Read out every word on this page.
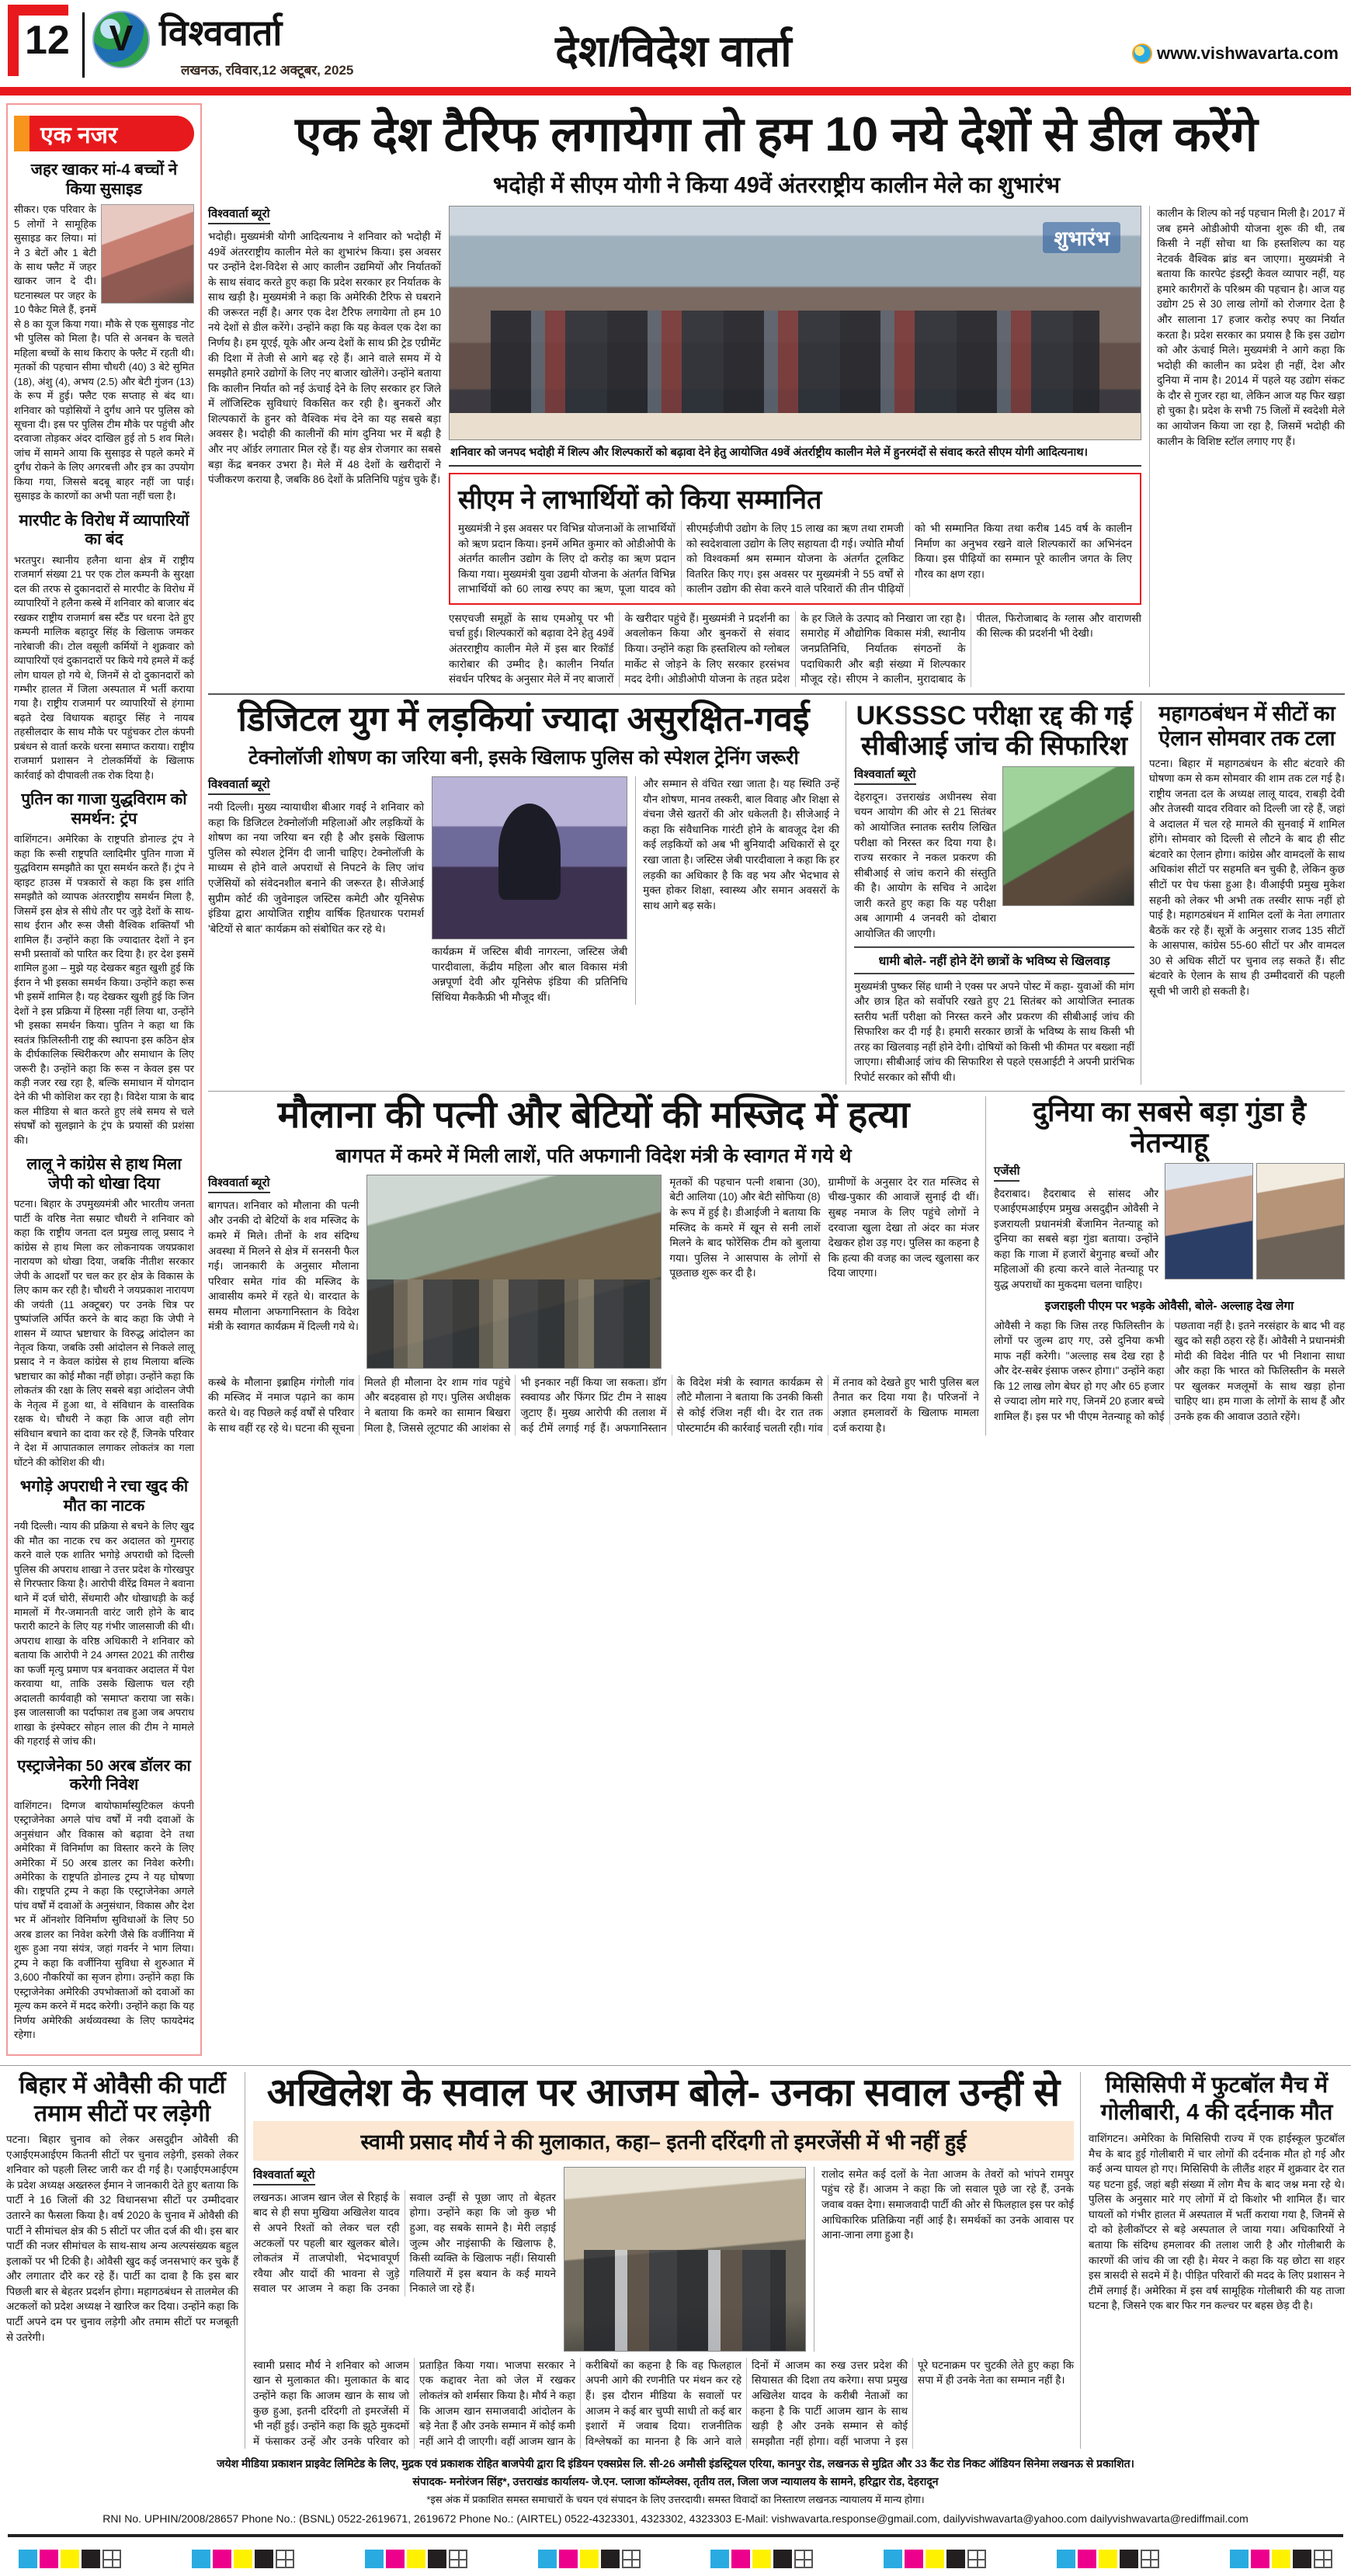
12 V विश्ववार्ता
लखनऊ, रविवार,12 अक्टूबर, 2025	देश/विदेश वार्ता	www.vishwavarta.com
एक नजर
जहर खाकर मां-4 बच्चों ने किया सुसाइड
सीकर। एक परिवार के 5 लोगों ने सामूहिक सुसाइड कर लिया। मां ने 3 बेटों और 1 बेटी के साथ फ्लैट में जहर खाकर जान दे दी। घटनास्थल पर जहर के 10 पैकेट मिले हैं, इनमें से 8 का यूज किया गया। मौके से एक सुसाइड नोट भी पुलिस को मिला है। पति से अनबन के चलते महिला बच्चों के साथ किराए के फ्लैट में रहती थी। मृतकों की पहचान सीमा चौधरी (40) 3 बेटे सुमित (18), अंशु (4), अभय (2.5) और बेटी गुंजन (13) के रूप में हुई। फ्लैट एक सप्ताह से बंद था। शनिवार को पड़ोसियों ने दुर्गंध आने पर पुलिस को सूचना दी। इस पर पुलिस टीम मौके पर पहुंची और दरवाजा तोड़कर अंदर दाखिल हुई तो 5 शव मिले। जांच में सामने आया कि सुसाइड से पहले कमरे में दुर्गंध रोकने के लिए अगरबत्ती और इत्र का उपयोग किया गया, जिससे बदबू बाहर नहीं जा पाई। सुसाइड के कारणों का अभी पता नहीं चला है।
मारपीट के विरोध में व्यापारियों का बंद
भरतपुर। स्थानीय हलैना थाना क्षेत्र में राष्ट्रीय राजमार्ग संख्या 21 पर एक टोल कम्पनी के सुरक्षा दल की तरफ से दुकानदारों से मारपीट के विरोध में व्यापारियों ने हलैना कस्बे में शनिवार को बाजार बंद रखकर राष्ट्रीय राजमार्ग बस स्टैंड पर धरना देते हुए कम्पनी मालिक बहादुर सिंह के खिलाफ जमकर नारेबाजी की। टोल वसूली कर्मियों ने शुक्रवार को व्यापारियों एवं दुकानदारों पर किये गये हमले में कई लोग घायल हो गये थे, जिनमें से दो दुकानदारों को गम्भीर हालत में जिला अस्पताल में भर्ती कराया गया है। राष्ट्रीय राजमार्ग पर व्यापारियों से हंगामा बढ़ते देख विधायक बहादुर सिंह ने नायब तहसीलदार के साथ मौके पर पहुंचकर टोल कंपनी प्रबंधन से वार्ता करके धरना समाप्त कराया। राष्ट्रीय राजमार्ग प्रशासन ने टोलकर्मियों के खिलाफ कार्रवाई को दीपावली तक रोक दिया है।
पुतिन का गाजा युद्धविराम को समर्थन: ट्रंप
वाशिंगटन। अमेरिका के राष्ट्रपति डोनाल्ड ट्रंप ने कहा कि रूसी राष्ट्रपति व्लादिमीर पुतिन गाजा में युद्धविराम समझौते का पूरा समर्थन करते हैं। ट्रंप ने व्हाइट हाउस में पत्रकारों से कहा कि इस शांति समझौते को व्यापक अंतरराष्ट्रीय समर्थन मिला है, जिसमें इस क्षेत्र से सीधे तौर पर जुड़े देशों के साथ-साथ ईरान और रूस जैसी वैश्विक शक्तियाँ भी शामिल हैं। उन्होंने कहा कि ज्यादातर देशों ने इन सभी प्रस्तावों को पारित कर दिया है। हर देश इसमें शामिल हुआ – मुझे यह देखकर बहुत खुशी हुई कि ईरान ने भी इसका समर्थन किया। उन्होंने कहा रूस भी इसमें शामिल है। यह देखकर खुशी हुई कि जिन देशों ने इस प्रक्रिया में हिस्सा नहीं लिया था, उन्होंने भी इसका समर्थन किया। पुतिन ने कहा था कि स्वतंत्र फ़िलिस्तीनी राष्ट्र की स्थापना इस कठिन क्षेत्र के दीर्घकालिक स्थिरीकरण और समाधान के लिए जरूरी है। उन्होंने कहा कि रूस न केवल इस पर कड़ी नजर रख रहा है, बल्कि समाधान में योगदान देने की भी कोशिश कर रहा है। विदेश यात्रा के बाद कल मीडिया से बात करते हुए लंबे समय से चले संघर्षों को सुलझाने के ट्रंप के प्रयासों की प्रशंसा की।
लालू ने कांग्रेस से हाथ मिला जेपी को धोखा दिया
पटना। बिहार के उपमुख्यमंत्री और भारतीय जनता पार्टी के वरिष्ठ नेता सम्राट चौधरी ने शनिवार को कहा कि राष्ट्रीय जनता दल प्रमुख लालू प्रसाद ने कांग्रेस से हाथ मिला कर लोकनायक जयप्रकाश नारायण को धोखा दिया, जबकि नीतीश सरकार जेपी के आदर्शों पर चल कर हर क्षेत्र के विकास के लिए काम कर रही है। चौधरी ने जयप्रकाश नारायण की जयंती (11 अक्टूबर) पर उनके चित्र पर पुष्पांजलि अर्पित करने के बाद कहा कि जेपी ने शासन में व्याप्त भ्रष्टाचार के विरुद्ध आंदोलन का नेतृत्व किया, जबकि उसी आंदोलन से निकले लालू प्रसाद ने न केवल कांग्रेस से हाथ मिलाया बल्कि भ्रष्टाचार का कोई मौका नहीं छोड़ा। उन्होंने कहा कि लोकतंत्र की रक्षा के लिए सबसे बड़ा आंदोलन जेपी के नेतृत्व में हुआ था, वे संविधान के वास्तविक रक्षक थे। चौधरी ने कहा कि आज वही लोग संविधान बचाने का दावा कर रहे हैं, जिनके परिवार ने देश में आपातकाल लगाकर लोकतंत्र का गला घोंटने की कोशिश की थी।
भगोड़े अपराधी ने रचा खुद की मौत का नाटक
नयी दिल्ली। न्याय की प्रक्रिया से बचने के लिए खुद की मौत का नाटक रच कर अदालत को गुमराह करने वाले एक शातिर भगोड़े अपराधी को दिल्ली पुलिस की अपराध शाखा ने उत्तर प्रदेश के गोरखपुर से गिरफ्तार किया है। आरोपी वीरेंद्र विमल ने बवाना थाने में दर्ज चोरी, सेंधमारी और धोखाधड़ी के कई मामलों में गैर-जमानती वारंट जारी होने के बाद फरारी काटने के लिए यह गंभीर जालसाजी की थी। अपराध शाखा के वरिष्ठ अधिकारी ने शनिवार को बताया कि आरोपी ने 24 अगस्त 2021 की तारीख का फर्जी मृत्यु प्रमाण पत्र बनवाकर अदालत में पेश करवाया था, ताकि उसके खिलाफ चल रही अदालती कार्यवाही को 'समाप्त' कराया जा सके। इस जालसाजी का पर्दाफाश तब हुआ जब अपराध शाखा के इंस्पेक्टर सोहन लाल की टीम ने मामले की गहराई से जांच की।
एस्ट्राजेनेका 50 अरब डॉलर का करेगी निवेश
वाशिंगटन। दिग्गज बायोफार्मास्युटिकल कंपनी एस्ट्राजेनेका अगले पांच वर्षों में नयी दवाओं के अनुसंधान और विकास को बढ़ावा देने तथा अमेरिका में विनिर्माण का विस्तार करने के लिए अमेरिका में 50 अरब डालर का निवेश करेगी। अमेरिका के राष्ट्रपति डोनाल्ड ट्रम्प ने यह घोषणा की। राष्ट्रपति ट्रम्प ने कहा कि एस्ट्राजेनेका अगले पांच वर्षों में दवाओं के अनुसंधान, विकास और देश भर में ऑनशोर विनिर्माण सुविधाओं के लिए 50 अरब डालर का निवेश करेगी जैसे कि वर्जीनिया में शुरू हुआ नया संयंत्र, जहां गवर्नर ने भाग लिया। ट्रम्प ने कहा कि वर्जीनिया सुविधा से शुरुआत में 3,600 नौकरियों का सृजन होगा। उन्होंने कहा कि एस्ट्राजेनेका अमेरिकी उपभोक्ताओं को दवाओं का मूल्य कम करने में मदद करेगी। उन्होंने कहा कि यह निर्णय अमेरिकी अर्थव्यवस्था के लिए फायदेमंद रहेगा।
एक देश टैरिफ लगायेगा तो हम 10 नये देशों से डील करेंगे
भदोही में सीएम योगी ने किया 49वें अंतरराष्ट्रीय कालीन मेले का शुभारंभ
विश्ववार्ता ब्यूरो
भदोही। मुख्यमंत्री योगी आदित्यनाथ ने शनिवार को भदोही में 49वें अंतरराष्ट्रीय कालीन मेले का शुभारंभ किया। इस अवसर पर उन्होंने देश-विदेश से आए कालीन उद्यमियों और निर्यातकों के साथ संवाद करते हुए कहा कि प्रदेश सरकार हर निर्यातक के साथ खड़ी है। मुख्यमंत्री ने कहा कि अमेरिकी टैरिफ से घबराने की जरूरत नहीं है। अगर एक देश टैरिफ लगायेगा तो हम 10 नये देशों से डील करेंगे। उन्होंने कहा कि यह केवल एक देश का निर्णय है। हम यूएई, यूके और अन्य देशों के साथ फ्री ट्रेड एग्रीमेंट की दिशा में तेजी से आगे बढ़ रहे हैं। आने वाले समय में ये समझौते हमारे उद्योगों के लिए नए बाजार खोलेंगे। उन्होंने बताया कि कालीन निर्यात को नई ऊंचाई देने के लिए सरकार हर जिले में लॉजिस्टिक सुविधाएं विकसित कर रही है। बुनकरों और शिल्पकारों के हुनर को वैश्विक मंच देने का यह सबसे बड़ा अवसर है। भदोही की कालीनों की मांग दुनिया भर में बढ़ी है और नए ऑर्डर लगातार मिल रहे हैं। यह क्षेत्र रोजगार का सबसे बड़ा केंद्र बनकर उभरा है। मेले में 48 देशों के खरीदारों ने पंजीकरण कराया है, जबकि 86 देशों के प्रतिनिधि पहुंच चुके हैं।
शुभारंभ
शनिवार को जनपद भदोही में शिल्प और शिल्पकारों को बढ़ावा देने हेतु आयोजित 49वें अंतर्राष्ट्रीय कालीन मेले में हुनरमंदों से संवाद करते सीएम योगी आदित्यनाथ।
सीएम ने लाभार्थियों को किया सम्मानित
मुख्यमंत्री ने इस अवसर पर विभिन्न योजनाओं के लाभार्थियों को ऋण प्रदान किया। इनमें अमित कुमार को ओडीओपी के अंतर्गत कालीन उद्योग के लिए दो करोड़ का ऋण प्रदान किया गया। मुख्यमंत्री युवा उद्यमी योजना के अंतर्गत विभिन्न लाभार्थियों को 60 लाख रुपए का ऋण, पूजा यादव को सीएमईजीपी उद्योग के लिए 15 लाख का ऋण तथा रामजी को स्वदेशवाला उद्योग के लिए सहायता दी गई। ज्योति मौर्या को विश्वकर्मा श्रम सम्मान योजना के अंतर्गत टूलकिट वितरित किए गए। इस अवसर पर मुख्यमंत्री ने 55 वर्षों से कालीन उद्योग की सेवा करने वाले परिवारों की तीन पीढ़ियों को भी सम्मानित किया तथा करीब 145 वर्ष के कालीन निर्माण का अनुभव रखने वाले शिल्पकारों का अभिनंदन किया। इस पीढ़ियों का सम्मान पूरे कालीन जगत के लिए गौरव का क्षण रहा।
एसएचजी समूहों के साथ एमओयू पर भी चर्चा हुई। शिल्पकारों को बढ़ावा देने हेतु 49वें अंतरराष्ट्रीय कालीन मेले में इस बार रिकॉर्ड कारोबार की उम्मीद है। कालीन निर्यात संवर्धन परिषद के अनुसार मेले में नए बाजारों के खरीदार पहुंचे हैं। मुख्यमंत्री ने प्रदर्शनी का अवलोकन किया और बुनकरों से संवाद किया। उन्होंने कहा कि हस्तशिल्प को ग्लोबल मार्केट से जोड़ने के लिए सरकार हरसंभव मदद देगी। ओडीओपी योजना के तहत प्रदेश के हर जिले के उत्पाद को निखारा जा रहा है। समारोह में औद्योगिक विकास मंत्री, स्थानीय जनप्रतिनिधि, निर्यातक संगठनों के पदाधिकारी और बड़ी संख्या में शिल्पकार मौजूद रहे। सीएम ने कालीन, मुरादाबाद के पीतल, फिरोजाबाद के ग्लास और वाराणसी की सिल्क की प्रदर्शनी भी देखी।
कालीन के शिल्प को नई पहचान मिली है। 2017 में जब हमने ओडीओपी योजना शुरू की थी, तब किसी ने नहीं सोचा था कि हस्तशिल्प का यह नेटवर्क वैश्विक ब्रांड बन जाएगा। मुख्यमंत्री ने बताया कि कारपेट इंडस्ट्री केवल व्यापार नहीं, यह हमारे कारीगरों के परिश्रम की पहचान है। आज यह उद्योग 25 से 30 लाख लोगों को रोजगार देता है और सालाना 17 हजार करोड़ रुपए का निर्यात करता है। प्रदेश सरकार का प्रयास है कि इस उद्योग को और ऊंचाई मिले। मुख्यमंत्री ने आगे कहा कि भदोही की कालीन का प्रदेश ही नहीं, देश और दुनिया में नाम है। 2014 में पहले यह उद्योग संकट के दौर से गुजर रहा था, लेकिन आज यह फिर खड़ा हो चुका है। प्रदेश के सभी 75 जिलों में स्वदेशी मेले का आयोजन किया जा रहा है, जिसमें भदोही की कालीन के विशिष्ट स्टॉल लगाए गए हैं।
डिजिटल युग में लड़कियां ज्यादा असुरक्षित-गवई
टेक्नोलॉजी शोषण का जरिया बनी, इसके खिलाफ पुलिस को स्पेशल ट्रेनिंग जरूरी
विश्ववार्ता ब्यूरो
नयी दिल्ली। मुख्य न्यायाधीश बीआर गवई ने शनिवार को कहा कि डिजिटल टेक्नोलॉजी महिलाओं और लड़कियों के शोषण का नया जरिया बन रही है और इसके खिलाफ पुलिस को स्पेशल ट्रेनिंग दी जानी चाहिए। टेक्नोलॉजी के माध्यम से होने वाले अपराधों से निपटने के लिए जांच एजेंसियों को संवेदनशील बनाने की जरूरत है। सीजेआई सुप्रीम कोर्ट की जुवेनाइल जस्टिस कमेटी और यूनिसेफ इंडिया द्वारा आयोजित राष्ट्रीय वार्षिक हितधारक परामर्श 'बेटियों से बात' कार्यक्रम को संबोधित कर रहे थे।
कार्यक्रम में जस्टिस बीवी नागरत्ना, जस्टिस जेबी पारदीवाला, केंद्रीय महिला और बाल विकास मंत्री अन्नपूर्णा देवी और यूनिसेफ इंडिया की प्रतिनिधि सिंथिया मैककैफ्री भी मौजूद थीं।
और सम्मान से वंचित रखा जाता है। यह स्थिति उन्हें यौन शोषण, मानव तस्करी, बाल विवाह और शिक्षा से वंचना जैसे खतरों की ओर धकेलती है। सीजेआई ने कहा कि संवैधानिक गारंटी होने के बावजूद देश की कई लड़कियों को अब भी बुनियादी अधिकारों से दूर रखा जाता है। जस्टिस जेबी पारदीवाला ने कहा कि हर लड़की का अधिकार है कि वह भय और भेदभाव से मुक्त होकर शिक्षा, स्वास्थ्य और समान अवसरों के साथ आगे बढ़ सके।
UKSSSC परीक्षा रद्द की गई सीबीआई जांच की सिफारिश
विश्ववार्ता ब्यूरो
देहरादून। उत्तराखंड अधीनस्थ सेवा चयन आयोग की ओर से 21 सितंबर को आयोजित स्नातक स्तरीय लिखित परीक्षा को निरस्त कर दिया गया है। राज्य सरकार ने नकल प्रकरण की सीबीआई से जांच कराने की संस्तुति की है। आयोग के सचिव ने आदेश जारी करते हुए कहा कि यह परीक्षा अब आगामी 4 जनवरी को दोबारा आयोजित की जाएगी।
धामी बोले- नहीं होने देंगे छात्रों के भविष्य से खिलवाड़
मुख्यमंत्री पुष्कर सिंह धामी ने एक्स पर अपने पोस्ट में कहा- युवाओं की मांग और छात्र हित को सर्वोपरि रखते हुए 21 सितंबर को आयोजित स्नातक स्तरीय भर्ती परीक्षा को निरस्त करने और प्रकरण की सीबीआई जांच की सिफारिश कर दी गई है। हमारी सरकार छात्रों के भविष्य के साथ किसी भी तरह का खिलवाड़ नहीं होने देगी। दोषियों को किसी भी कीमत पर बख्शा नहीं जाएगा। सीबीआई जांच की सिफारिश से पहले एसआईटी ने अपनी प्रारंभिक रिपोर्ट सरकार को सौंपी थी।
महागठबंधन में सीटों का ऐलान सोमवार तक टला
पटना। बिहार में महागठबंधन के सीट बंटवारे की घोषणा कम से कम सोमवार की शाम तक टल गई है। राष्ट्रीय जनता दल के अध्यक्ष लालू यादव, राबड़ी देवी और तेजस्वी यादव रविवार को दिल्ली जा रहे हैं, जहां वे अदालत में चल रहे मामले की सुनवाई में शामिल होंगे। सोमवार को दिल्ली से लौटने के बाद ही सीट बंटवारे का ऐलान होगा। कांग्रेस और वामदलों के साथ अधिकांश सीटों पर सहमति बन चुकी है, लेकिन कुछ सीटों पर पेच फंसा हुआ है। वीआईपी प्रमुख मुकेश सहनी को लेकर भी अभी तक तस्वीर साफ नहीं हो पाई है। महागठबंधन में शामिल दलों के नेता लगातार बैठकें कर रहे हैं। सूत्रों के अनुसार राजद 135 सीटों के आसपास, कांग्रेस 55-60 सीटों पर और वामदल 30 से अधिक सीटों पर चुनाव लड़ सकते हैं। सीट बंटवारे के ऐलान के साथ ही उम्मीदवारों की पहली सूची भी जारी हो सकती है।
मौलाना की पत्नी और बेटियों की मस्जिद में हत्या
बागपत में कमरे में मिली लाशें, पति अफगानी विदेश मंत्री के स्वागत में गये थे
विश्ववार्ता ब्यूरो
बागपत। शनिवार को मौलाना की पत्नी और उनकी दो बेटियों के शव मस्जिद के कमरे में मिले। तीनों के शव संदिग्ध अवस्था में मिलने से क्षेत्र में सनसनी फैल गई। जानकारी के अनुसार मौलाना परिवार समेत गांव की मस्जिद के आवासीय कमरे में रहते थे। वारदात के समय मौलाना अफगानिस्तान के विदेश मंत्री के स्वागत कार्यक्रम में दिल्ली गये थे।
मृतकों की पहचान पत्नी शबाना (30), बेटी आलिया (10) और बेटी सोफिया (8) के रूप में हुई है। डीआईजी ने बताया कि मस्जिद के कमरे में खून से सनी लाशें मिलने के बाद फोरेंसिक टीम को बुलाया गया। पुलिस ने आसपास के लोगों से पूछताछ शुरू कर दी है।
ग्रामीणों के अनुसार देर रात मस्जिद से चीख-पुकार की आवाजें सुनाई दी थीं। सुबह नमाज के लिए पहुंचे लोगों ने दरवाजा खुला देखा तो अंदर का मंजर देखकर होश उड़ गए। पुलिस का कहना है कि हत्या की वजह का जल्द खुलासा कर दिया जाएगा।
कस्बे के मौलाना इब्राहिम गंगोली गांव की मस्जिद में नमाज पढ़ाने का काम करते थे। वह पिछले कई वर्षों से परिवार के साथ वहीं रह रहे थे। घटना की सूचना मिलते ही मौलाना देर शाम गांव पहुंचे और बदहवास हो गए। पुलिस अधीक्षक ने बताया कि कमरे का सामान बिखरा मिला है, जिससे लूटपाट की आशंका से भी इनकार नहीं किया जा सकता। डॉग स्क्वायड और फिंगर प्रिंट टीम ने साक्ष्य जुटाए हैं। मुख्य आरोपी की तलाश में कई टीमें लगाई गई हैं। अफगानिस्तान के विदेश मंत्री के स्वागत कार्यक्रम से लौटे मौलाना ने बताया कि उनकी किसी से कोई रंजिश नहीं थी। देर रात तक पोस्टमार्टम की कार्रवाई चलती रही। गांव में तनाव को देखते हुए भारी पुलिस बल तैनात कर दिया गया है। परिजनों ने अज्ञात हमलावरों के खिलाफ मामला दर्ज कराया है।
दुनिया का सबसे बड़ा गुंडा है नेतन्याहू
एजेंसी
हैदराबाद। हैदराबाद से सांसद और एआईएमआईएम प्रमुख असदुद्दीन ओवैसी ने इजरायली प्रधानमंत्री बेंजामिन नेतन्याहू को दुनिया का सबसे बड़ा गुंडा बताया। उन्होंने कहा कि गाजा में हजारों बेगुनाह बच्चों और महिलाओं की हत्या करने वाले नेतन्याहू पर युद्ध अपराधों का मुकदमा चलना चाहिए।
इजराइली पीएम पर भड़के ओवैसी, बोले- अल्लाह देख लेगा
ओवैसी ने कहा कि जिस तरह फिलिस्तीन के लोगों पर जुल्म ढाए गए, उसे दुनिया कभी माफ नहीं करेगी। "अल्लाह सब देख रहा है और देर-सबेर इंसाफ जरूर होगा।" उन्होंने कहा कि 12 लाख लोग बेघर हो गए और 65 हजार से ज्यादा लोग मारे गए, जिनमें 20 हजार बच्चे शामिल हैं। इस पर भी पीएम नेतन्याहू को कोई पछतावा नहीं है। इतने नरसंहार के बाद भी वह खुद को सही ठहरा रहे हैं। ओवैसी ने प्रधानमंत्री मोदी की विदेश नीति पर भी निशाना साधा और कहा कि भारत को फिलिस्तीन के मसले पर खुलकर मजलूमों के साथ खड़ा होना चाहिए था। हम गाजा के लोगों के साथ हैं और उनके हक की आवाज उठाते रहेंगे।
बिहार में ओवैसी की पार्टी तमाम सीटों पर लड़ेगी
पटना। बिहार चुनाव को लेकर असदुद्दीन ओवैसी की एआईएमआईएम कितनी सीटों पर चुनाव लड़ेगी, इसको लेकर शनिवार को पहली लिस्ट जारी कर दी गई है। एआईएमआईएम के प्रदेश अध्यक्ष अख्तरुल ईमान ने जानकारी देते हुए बताया कि पार्टी ने 16 जिलों की 32 विधानसभा सीटों पर उम्मीदवार उतारने का फैसला किया है। वर्ष 2020 के चुनाव में ओवैसी की पार्टी ने सीमांचल क्षेत्र की 5 सीटों पर जीत दर्ज की थी। इस बार पार्टी की नजर सीमांचल के साथ-साथ अन्य अल्पसंख्यक बहुल इलाकों पर भी टिकी है। ओवैसी खुद कई जनसभाएं कर चुके हैं और लगातार दौरे कर रहे हैं। पार्टी का दावा है कि इस बार पिछली बार से बेहतर प्रदर्शन होगा। महागठबंधन से तालमेल की अटकलों को प्रदेश अध्यक्ष ने खारिज कर दिया। उन्होंने कहा कि पार्टी अपने दम पर चुनाव लड़ेगी और तमाम सीटों पर मजबूती से उतरेगी।
अखिलेश के सवाल पर आजम बोले- उनका सवाल उन्हीं से
स्वामी प्रसाद मौर्य ने की मुलाकात, कहा– इतनी दरिंदगी तो इमरजेंसी में भी नहीं हुई
विश्ववार्ता ब्यूरो
लखनऊ। आजम खान जेल से रिहाई के बाद से ही सपा मुखिया अखिलेश यादव से अपने रिश्तों को लेकर चल रही अटकलों पर पहली बार खुलकर बोले। लोकतंत्र में ताजपोशी, भेदभावपूर्ण रवैया और यादों की भावना से जुड़े सवाल पर आजम ने कहा कि उनका सवाल उन्हीं से पूछा जाए तो बेहतर होगा। उन्होंने कहा कि जो कुछ भी हुआ, वह सबके सामने है। मेरी लड़ाई जुल्म और नाइंसाफी के खिलाफ है, किसी व्यक्ति के खिलाफ नहीं। सियासी गलियारों में इस बयान के कई मायने निकाले जा रहे हैं।
रालोद समेत कई दलों के नेता आजम के तेवरों को भांपने रामपुर पहुंच रहे हैं। आजम ने कहा कि जो सवाल पूछे जा रहे हैं, उनके जवाब वक्त देगा। समाजवादी पार्टी की ओर से फिलहाल इस पर कोई आधिकारिक प्रतिक्रिया नहीं आई है। समर्थकों का उनके आवास पर आना-जाना लगा हुआ है।
स्वामी प्रसाद मौर्य ने शनिवार को आजम खान से मुलाकात की। मुलाकात के बाद उन्होंने कहा कि आजम खान के साथ जो कुछ हुआ, इतनी दरिंदगी तो इमरजेंसी में भी नहीं हुई। उन्होंने कहा कि झूठे मुकदमों में फंसाकर उन्हें और उनके परिवार को प्रताड़ित किया गया। भाजपा सरकार ने एक कद्दावर नेता को जेल में रखकर लोकतंत्र को शर्मसार किया है। मौर्य ने कहा कि आजम खान समाजवादी आंदोलन के बड़े नेता हैं और उनके सम्मान में कोई कमी नहीं आने दी जाएगी। वहीं आजम खान के करीबियों का कहना है कि वह फिलहाल अपनी आगे की रणनीति पर मंथन कर रहे हैं। इस दौरान मीडिया के सवालों पर आजम ने कई बार चुप्पी साधी तो कई बार इशारों में जवाब दिया। राजनीतिक विश्लेषकों का मानना है कि आने वाले दिनों में आजम का रुख उत्तर प्रदेश की सियासत की दिशा तय करेगा। सपा प्रमुख अखिलेश यादव के करीबी नेताओं का कहना है कि पार्टी आजम खान के साथ खड़ी है और उनके सम्मान से कोई समझौता नहीं होगा। वहीं भाजपा ने इस पूरे घटनाक्रम पर चुटकी लेते हुए कहा कि सपा में ही उनके नेता का सम्मान नहीं है।
मिसिसिपी में फुटबॉल मैच में गोलीबारी, 4 की दर्दनाक मौत
वाशिंगटन। अमेरिका के मिसिसिपी राज्य में एक हाईस्कूल फुटबॉल मैच के बाद हुई गोलीबारी में चार लोगों की दर्दनाक मौत हो गई और कई अन्य घायल हो गए। मिसिसिपी के लीलैंड शहर में शुक्रवार देर रात यह घटना हुई, जहां बड़ी संख्या में लोग मैच के बाद जश्न मना रहे थे। पुलिस के अनुसार मारे गए लोगों में दो किशोर भी शामिल हैं। चार घायलों को गंभीर हालत में अस्पताल में भर्ती कराया गया है, जिनमें से दो को हेलीकॉप्टर से बड़े अस्पताल ले जाया गया। अधिकारियों ने बताया कि संदिग्ध हमलावर की तलाश जारी है और गोलीबारी के कारणों की जांच की जा रही है। मेयर ने कहा कि यह छोटा सा शहर इस त्रासदी से सदमे में है। पीड़ित परिवारों की मदद के लिए प्रशासन ने टीमें लगाई हैं। अमेरिका में इस वर्ष सामूहिक गोलीबारी की यह ताजा घटना है, जिसने एक बार फिर गन कल्चर पर बहस छेड़ दी है।
जयेश मीडिया प्रकाशन प्राइवेट लिमिटेड के लिए, मुद्रक एवं प्रकाशक रोहित बाजपेयी द्वारा दि इंडियन एक्सप्रेस लि. सी-26 अमौसी इंडस्ट्रियल एरिया, कानपुर रोड, लखनऊ से मुद्रित और 33 कैंट रोड निकट ऑडियन सिनेमा लखनऊ से प्रकाशित।
संपादक- मनोरंजन सिंह*, उत्तराखंड कार्यालय- जे.एन. प्लाजा कॉम्प्लेक्स, तृतीय तल, जिला जज न्यायालय के सामने, हरिद्वार रोड, देहरादून
*इस अंक में प्रकाशित समस्त समाचारों के चयन एवं संपादन के लिए उत्तरदायी। समस्त विवादों का निस्तारण लखनऊ न्यायालय में मान्य होगा।
RNI No. UPHIN/2008/28657 Phone No.: (BSNL) 0522-2619671, 2619672 Phone No.: (AIRTEL) 0522-4323301, 4323302, 4323303 E-Mail: vishwavarta.response@gmail.com, dailyvishwavarta@yahoo.com dailyvishwavarta@rediffmail.com
